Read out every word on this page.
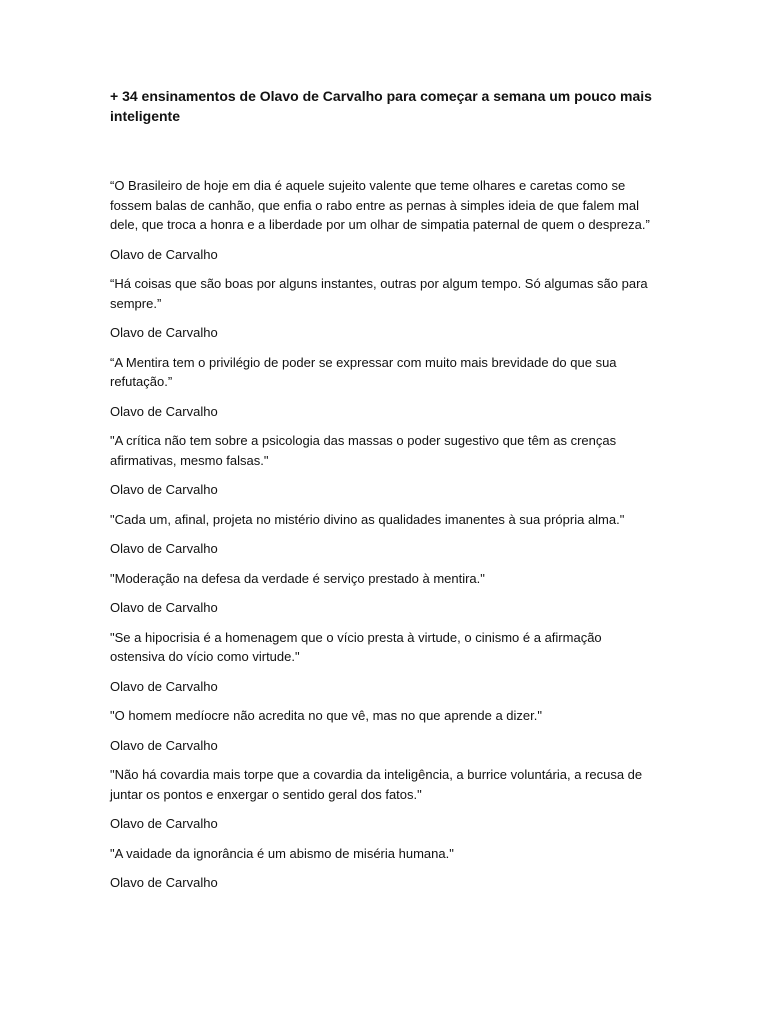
+ 34 ensinamentos de Olavo de Carvalho para começar a semana um pouco mais inteligente

“O Brasileiro de hoje em dia é aquele sujeito valente que teme olhares e caretas como se fossem balas de canhão, que enfia o rabo entre as pernas à simples ideia de que falem mal dele, que troca a honra e a liberdade por um olhar de simpatia paternal de quem o despreza.”

Olavo de Carvalho

“Há coisas que são boas por alguns instantes, outras por algum tempo. Só algumas são para sempre.”

Olavo de Carvalho

“A Mentira tem o privilégio de poder se expressar com muito mais brevidade do que sua refutação.”

Olavo de Carvalho

"A crítica não tem sobre a psicologia das massas o poder sugestivo que têm as crenças afirmativas, mesmo falsas."

Olavo de Carvalho

"Cada um, afinal, projeta no mistério divino as qualidades imanentes à sua própria alma."

Olavo de Carvalho

"Moderação na defesa da verdade é serviço prestado à mentira."

Olavo de Carvalho

"Se a hipocrisia é a homenagem que o vício presta à virtude, o cinismo é a afirmação ostensiva do vício como virtude."

Olavo de Carvalho

"O homem medíocre não acredita no que vê, mas no que aprende a dizer."

Olavo de Carvalho

"Não há covardia mais torpe que a covardia da inteligência, a burrice voluntária, a recusa de juntar os pontos e enxergar o sentido geral dos fatos."

Olavo de Carvalho

"A vaidade da ignorância é um abismo de miséria humana."

Olavo de Carvalho
